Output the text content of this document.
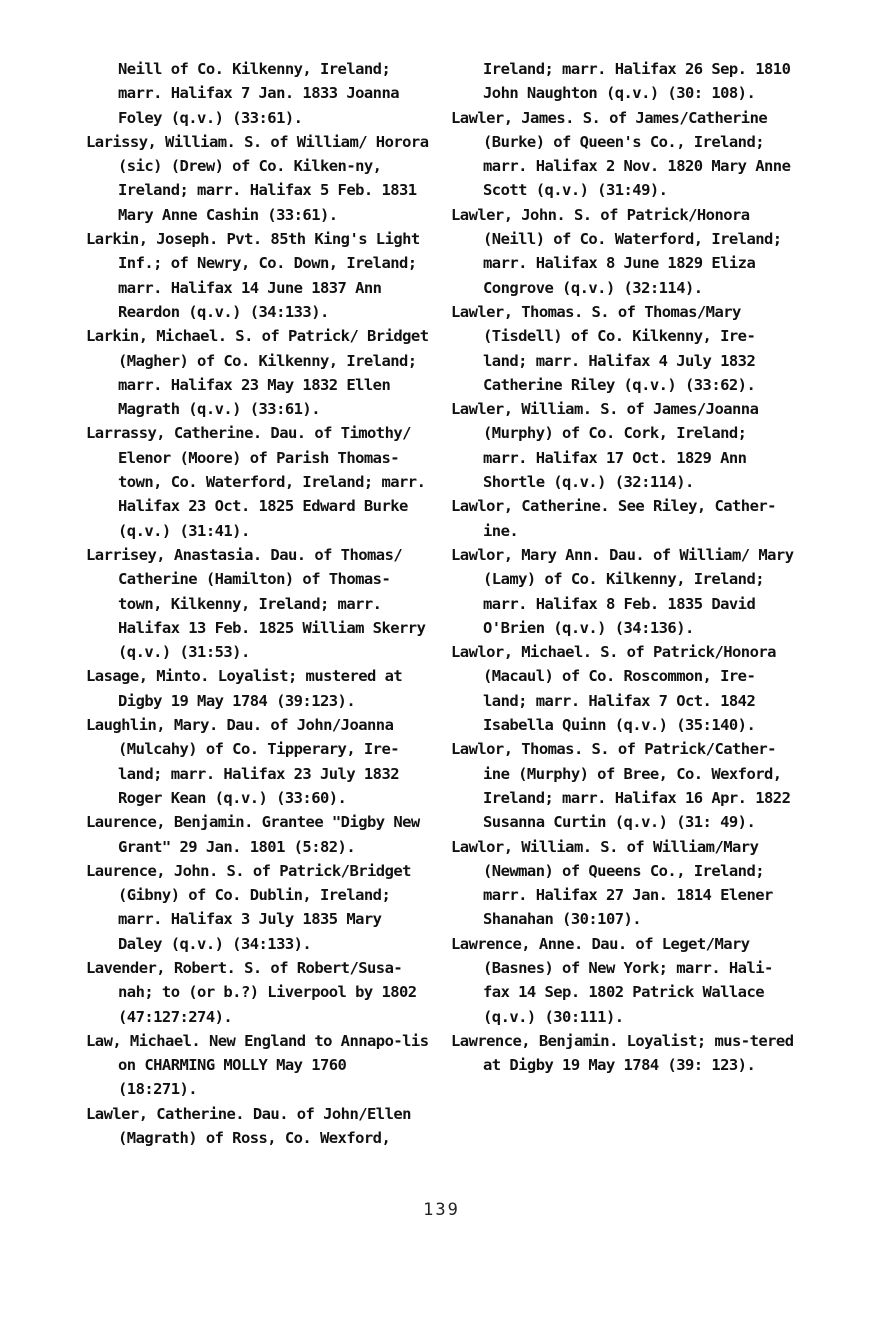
Neill of Co. Kilkenny, Ireland; marr. Halifax 7 Jan. 1833 Joanna Foley (q.v.) (33:61).

Larissy, William. S. of William/ Horora (sic) (Drew) of Co. Kilken-ny, Ireland; marr. Halifax 5 Feb. 1831 Mary Anne Cashin (33:61).

Larkin, Joseph. Pvt. 85th King's Light Inf.; of Newry, Co. Down, Ireland; marr. Halifax 14 June 1837 Ann Reardon (q.v.) (34:133).

Larkin, Michael. S. of Patrick/ Bridget (Magher) of Co. Kilkenny, Ireland; marr. Halifax 23 May 1832 Ellen Magrath (q.v.) (33:61).

Larrassy, Catherine. Dau. of Timothy/ Elenor (Moore) of Parish Thomas-town, Co. Waterford, Ireland; marr. Halifax 23 Oct. 1825 Edward Burke (q.v.) (31:41).

Larrisey, Anastasia. Dau. of Thomas/ Catherine (Hamilton) of Thomas-town, Kilkenny, Ireland; marr. Halifax 13 Feb. 1825 William Skerry (q.v.) (31:53).

Lasage, Minto. Loyalist; mustered at Digby 19 May 1784 (39:123).

Laughlin, Mary. Dau. of John/Joanna (Mulcahy) of Co. Tipperary, Ire-land; marr. Halifax 23 July 1832 Roger Kean (q.v.) (33:60).

Laurence, Benjamin. Grantee "Digby New Grant" 29 Jan. 1801 (5:82).

Laurence, John. S. of Patrick/Bridget (Gibny) of Co. Dublin, Ireland; marr. Halifax 3 July 1835 Mary Daley (q.v.) (34:133).

Lavender, Robert. S. of Robert/Susa-nah; to (or b.?) Liverpool by 1802 (47:127:274).

Law, Michael. New England to Annapo-lis on CHARMING MOLLY May 1760 (18:271).

Lawler, Catherine. Dau. of John/Ellen (Magrath) of Ross, Co. Wexford,

Ireland; marr. Halifax 26 Sep. 1810 John Naughton (q.v.) (30: 108).

Lawler, James. S. of James/Catherine (Burke) of Queen's Co., Ireland; marr. Halifax 2 Nov. 1820 Mary Anne Scott (q.v.) (31:49).

Lawler, John. S. of Patrick/Honora (Neill) of Co. Waterford, Ireland; marr. Halifax 8 June 1829 Eliza Congrove (q.v.) (32:114).

Lawler, Thomas. S. of Thomas/Mary (Tisdell) of Co. Kilkenny, Ire-land; marr. Halifax 4 July 1832 Catherine Riley (q.v.) (33:62).

Lawler, William. S. of James/Joanna (Murphy) of Co. Cork, Ireland; marr. Halifax 17 Oct. 1829 Ann Shortle (q.v.) (32:114).

Lawlor, Catherine. See Riley, Cather-ine.

Lawlor, Mary Ann. Dau. of William/ Mary (Lamy) of Co. Kilkenny, Ireland; marr. Halifax 8 Feb. 1835 David O'Brien (q.v.) (34:136).

Lawlor, Michael. S. of Patrick/Honora (Macaul) of Co. Roscommon, Ire-land; marr. Halifax 7 Oct. 1842 Isabella Quinn (q.v.) (35:140).

Lawlor, Thomas. S. of Patrick/Cather-ine (Murphy) of Bree, Co. Wexford, Ireland; marr. Halifax 16 Apr. 1822 Susanna Curtin (q.v.) (31: 49).

Lawlor, William. S. of William/Mary (Newman) of Queens Co., Ireland; marr. Halifax 27 Jan. 1814 Elener Shanahan (30:107).

Lawrence, Anne. Dau. of Leget/Mary (Basnes) of New York; marr. Hali-fax 14 Sep. 1802 Patrick Wallace (q.v.) (30:111).

Lawrence, Benjamin. Loyalist; mus-tered at Digby 19 May 1784 (39: 123).

139
